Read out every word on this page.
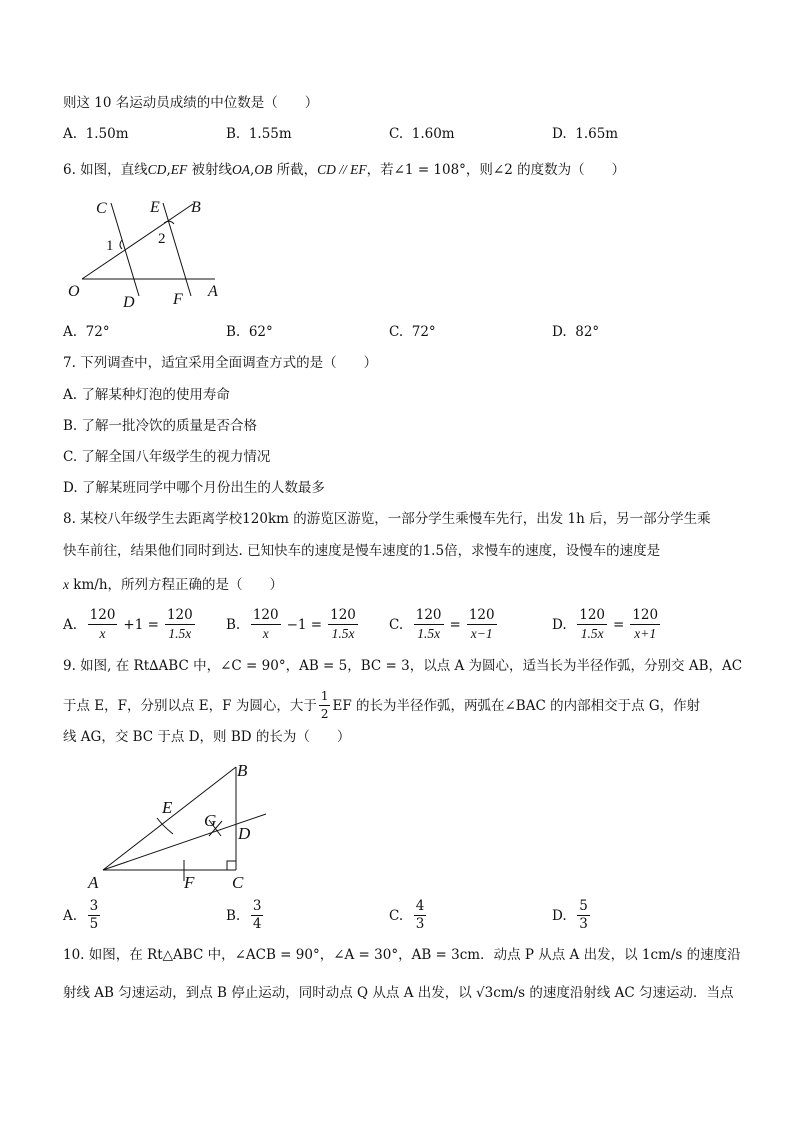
则这 10 名运动员成绩的中位数是（　　）
A. 1.50m	B. 1.55m	C. 1.60m	D. 1.65m
6. 如图，直线CD,EF 被射线OA,OB 所截，CD // EF，若∠1 = 108°，则∠2 的度数为（　　）
C	E B
1	2
O
D F A
A. 72°	B. 62°	C. 72°	D. 82°
7. 下列调查中，适宜采用全面调查方式的是（　　）
A. 了解某种灯泡的使用寿命
B. 了解一批冷饮的质量是否合格
C. 了解全国八年级学生的视力情况
D. 了解某班同学中哪个月份出生的人数最多
8. 某校八年级学生去距离学校120km 的游览区游览，一部分学生乘慢车先行，出发 1h 后，另一部分学生乘
快车前往，结果他们同时到达. 已知快车的速度是慢车速度的1.5倍，求慢车的速度，设慢车的速度是
x km/h，所列方程正确的是（　　）
A.
$\frac{120}{x} +1 = \frac{120}{1.5x} B$.
$\frac{120}{x} -1 = \frac{120}{1.5x} C$.
$\frac{120}{1.5x} = \frac{120}{x-1}$	D.
$\frac{120}{1.5x} = \frac{120}{x+1}$
9. 如图, 在 Rt∆ABC 中，∠C = 90°，AB = 5，BC = 3，以点 A 为圆心，适当长为半径作弧，分别交 AB，AC
于点 E，F，分别以点 E，F 为圆心，大于 $\frac{1}{2}$ EF 的长为半径作弧，两弧在∠BAC 的内部相交于点 G，作射
线 AG，交 BC 于点 D，则 BD 的长为（　　）
B
E
G
D
A	F C
A.
$\frac{3}{5}$	B.
$\frac{3}{4}$	C.
$\frac{4}{3}$	D.
$\frac{5}{3}$
10. 如图，在 Rt△ABC 中，∠ACB = 90°，∠A = 30°，AB = 3cm．动点 P 从点 A 出发，以 1cm/s 的速度沿
射线 AB 匀速运动，到点 B 停止运动，同时动点 Q 从点 A 出发，以 √3cm/s 的速度沿射线 AC 匀速运动．当点
